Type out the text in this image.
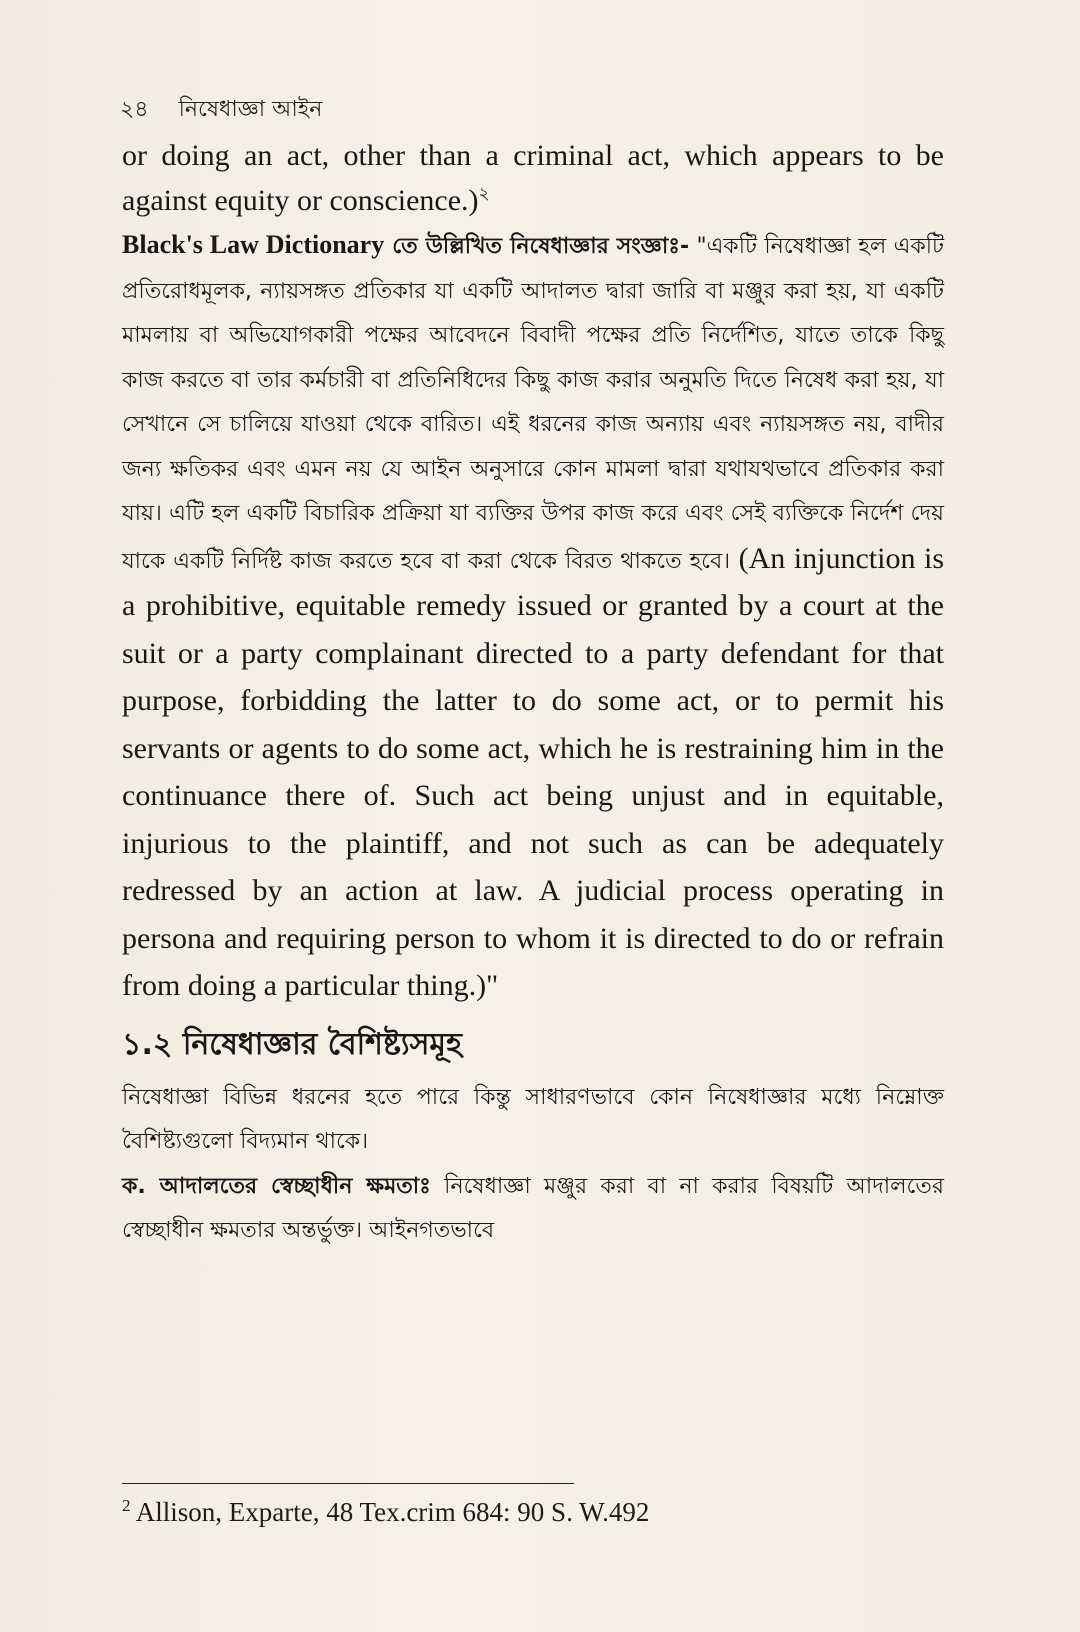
২৪ নিষেধাজ্ঞা আইন

or doing an act, other than a criminal act, which appears to be against equity or conscience.)$^২$

Black's Law Dictionary তে উল্লিখিত নিষেধাজ্ঞার সংজ্ঞাঃ- "একটি নিষেধাজ্ঞা হল একটি প্রতিরোধমূলক, ন্যায়সঙ্গত প্রতিকার যা একটি আদালত দ্বারা জারি বা মঞ্জুর করা হয়, যা একটি মামলায় বা অভিযোগকারী পক্ষের আবেদনে বিবাদী পক্ষের প্রতি নির্দেশিত, যাতে তাকে কিছু কাজ করতে বা তার কর্মচারী বা প্রতিনিধিদের কিছু কাজ করার অনুমতি দিতে নিষেধ করা হয়, যা সেখানে সে চালিয়ে যাওয়া থেকে বারিত। এই ধরনের কাজ অন্যায় এবং ন্যায়সঙ্গত নয়, বাদীর জন্য ক্ষতিকর এবং এমন নয় যে আইন অনুসারে কোন মামলা দ্বারা যথাযথভাবে প্রতিকার করা যায়। এটি হল একটি বিচারিক প্রক্রিয়া যা ব্যক্তির উপর কাজ করে এবং সেই ব্যক্তিকে নির্দেশ দেয় যাকে একটি নির্দিষ্ট কাজ করতে হবে বা করা থেকে বিরত থাকতে হবে। (An injunction is a prohibitive, equitable remedy issued or granted by a court at the suit or a party complainant directed to a party defendant for that purpose, forbidding the latter to do some act, or to permit his servants or agents to do some act, which he is restraining him in the continuance there of. Such act being unjust and in equitable, injurious to the plaintiff, and not such as can be adequately redressed by an action at law. A judicial process operating in persona and requiring person to whom it is directed to do or refrain from doing a particular thing.)"

১.২ নিষেধাজ্ঞার বৈশিষ্ট্যসমূহ

নিষেধাজ্ঞা বিভিন্ন ধরনের হতে পারে কিন্তু সাধারণভাবে কোন নিষেধাজ্ঞার মধ্যে নিম্নোক্ত বৈশিষ্ট্যগুলো বিদ্যমান থাকে।

ক. আদালতের স্বেচ্ছাধীন ক্ষমতাঃ নিষেধাজ্ঞা মঞ্জুর করা বা না করার বিষয়টি আদালতের স্বেচ্ছাধীন ক্ষমতার অন্তর্ভুক্ত। আইনগতভাবে

$^2$ Allison, Exparte, 48 Tex.crim 684: 90 S. W.492
